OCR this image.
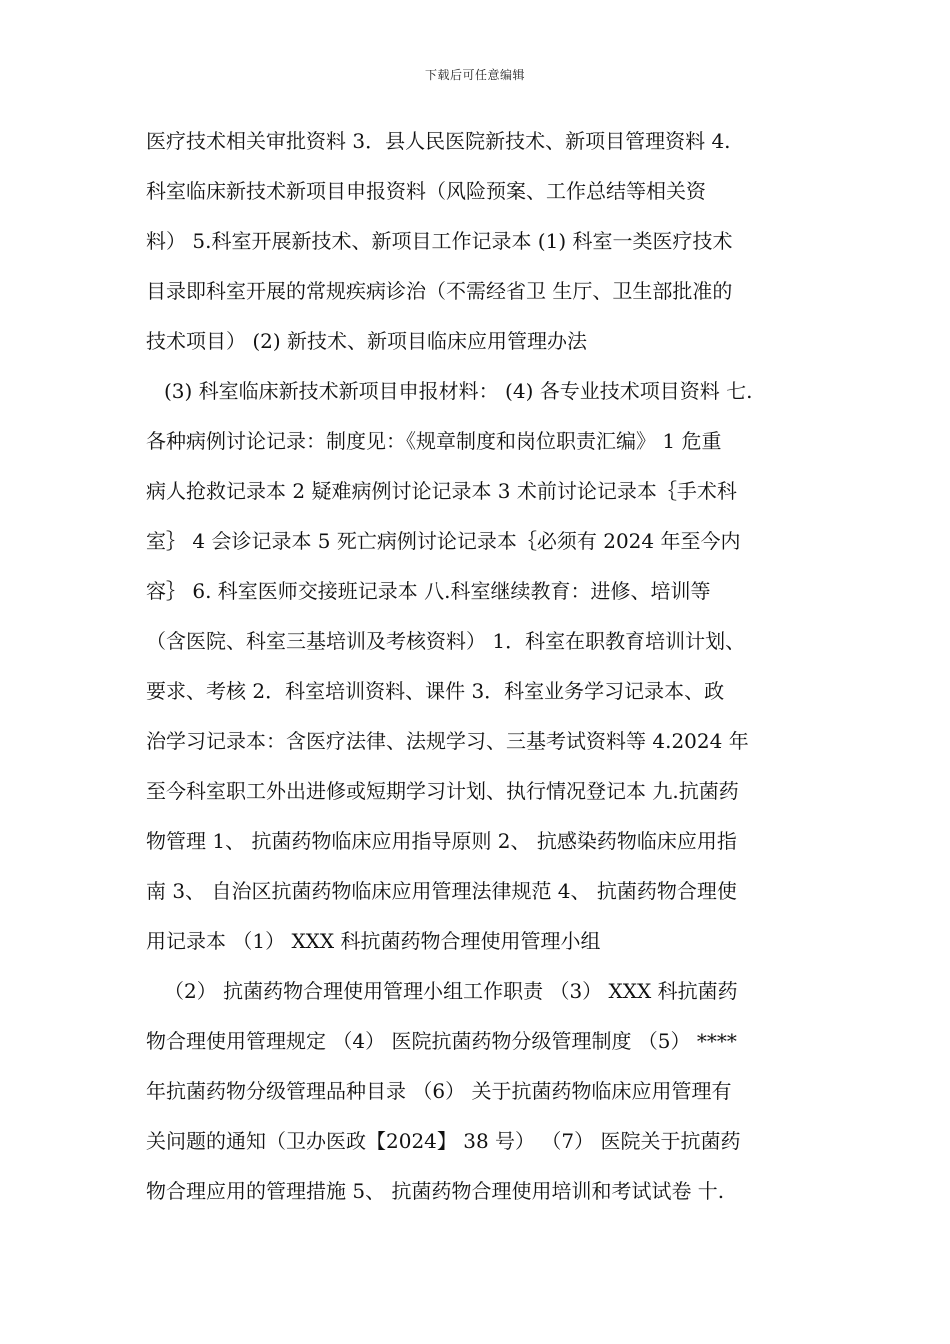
下载后可任意编辑
医疗技术相关审批资料 3．县人民医院新技术、新项目管理资料 4.
科室临床新技术新项目申报资料（风险预案、工作总结等相关资
料） 5.科室开展新技术、新项目工作记录本 (1) 科室一类医疗技术
目录即科室开展的常规疾病诊治（不需经省卫 生厅、卫生部批准的
技术项目） (2) 新技术、新项目临床应用管理办法
(3) 科室临床新技术新项目申报材料： (4) 各专业技术项目资料 七.
各种病例讨论记录：制度见：《规章制度和岗位职责汇编》 1 危重
病人抢救记录本 2 疑难病例讨论记录本 3 术前讨论记录本｛手术科
室｝ 4 会诊记录本 5 死亡病例讨论记录本｛必须有 2024 年至今内
容｝ 6. 科室医师交接班记录本 八.科室继续教育：进修、培训等
（含医院、科室三基培训及考核资料） 1．科室在职教育培训计划、
要求、考核 2．科室培训资料、课件 3．科室业务学习记录本、政
治学习记录本：含医疗法律、法规学习、三基考试资料等 4.2024 年
至今科室职工外出进修或短期学习计划、执行情况登记本 九.抗菌药
物管理 1、 抗菌药物临床应用指导原则 2、 抗感染药物临床应用指
南 3、 自治区抗菌药物临床应用管理法律规范 4、 抗菌药物合理使
用记录本 （1） XXX 科抗菌药物合理使用管理小组
（2） 抗菌药物合理使用管理小组工作职责 （3） XXX 科抗菌药
物合理使用管理规定 （4） 医院抗菌药物分级管理制度 （5） ****
年抗菌药物分级管理品种目录 （6） 关于抗菌药物临床应用管理有
关问题的通知（卫办医政【2024】 38 号） （7） 医院关于抗菌药
物合理应用的管理措施 5、 抗菌药物合理使用培训和考试试卷 十.
